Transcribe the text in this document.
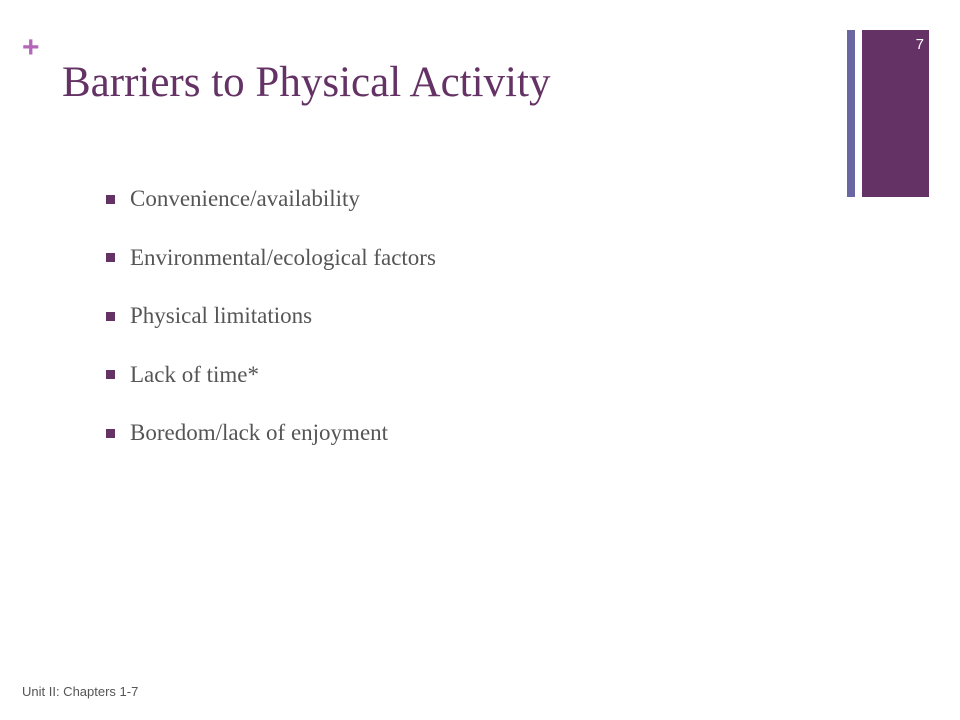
+
Barriers to Physical Activity
7
Convenience/availability
Environmental/ecological factors
Physical limitations
Lack of time*
Boredom/lack of enjoyment
Unit II: Chapters 1-7
